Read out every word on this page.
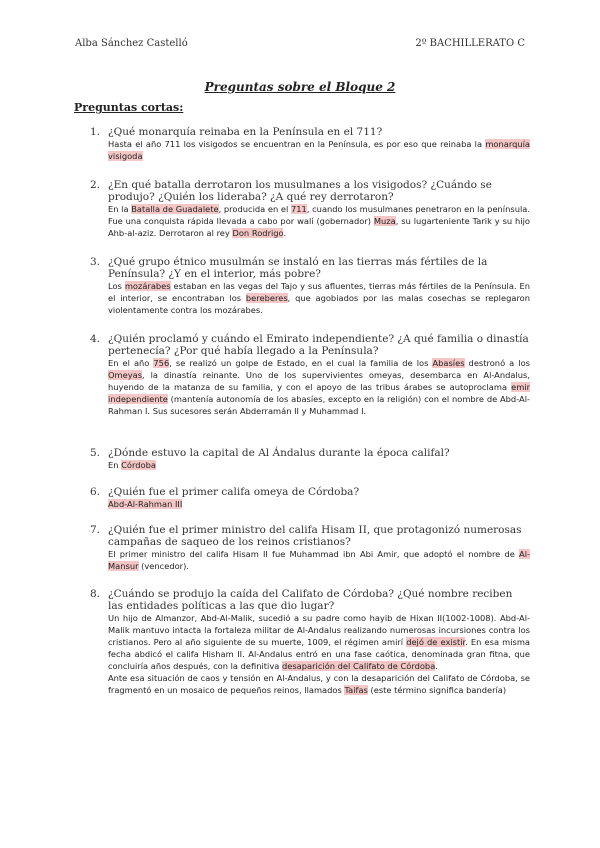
Alba Sánchez Castelló	2º BACHILLERATO C
Preguntas sobre el Bloque 2
Preguntas cortas:
1. ¿Qué monarquía reinaba en la Península en el 711?
Hasta el año 711 los visigodos se encuentran en la Península, es por eso que reinaba la monarquía visigoda
2. ¿En qué batalla derrotaron los musulmanes a los visigodos? ¿Cuándo se produjo? ¿Quién los lideraba? ¿A qué rey derrotaron?
En la Batalla de Guadalete, producida en el 711, cuando los musulmanes penetraron en la península. Fue una conquista rápida llevada a cabo por walí (gobernador) Muza, su lugarteniente Tarik y su hijo Ahb-al-aziz. Derrotaron al rey Don Rodrigo.
3. ¿Qué grupo étnico musulmán se instaló en las tierras más fértiles de la Península? ¿Y en el interior, más pobre?
Los mozárabes estaban en las vegas del Tajo y sus afluentes, tierras más fértiles de la Península. En el interior, se encontraban los bereberes, que agobiados por las malas cosechas se replegaron violentamente contra los mozárabes.
4. ¿Quién proclamó y cuándo el Emirato independiente? ¿A qué familia o dinastía pertenecía? ¿Por qué había llegado a la Península?
En el año 756, se realizó un golpe de Estado, en el cual la familia de los Abasíes destronó a los Omeyas, la dinastía reinante. Uno de los supervivientes omeyas, desembarca en Al-Andalus, huyendo de la matanza de su familia, y con el apoyo de las tribus árabes se autoproclama emir independiente (mantenía autonomía de los abasíes, excepto en la religión) con el nombre de Abd-Al-Rahman I. Sus sucesores serán Abderramán II y Muhammad I.
5. ¿Dónde estuvo la capital de Al Ándalus durante la época califal?
En Córdoba
6. ¿Quién fue el primer califa omeya de Córdoba?
Abd-Al-Rahman III
7. ¿Quién fue el primer ministro del califa Hisam II, que protagonizó numerosas campañas de saqueo de los reinos cristianos?
El primer ministro del califa Hisam II fue Muhammad ibn Abi Amir, que adoptó el nombre de Al-Mansur (vencedor).
8. ¿Cuándo se produjo la caída del Califato de Córdoba? ¿Qué nombre reciben las entidades políticas a las que dio lugar?
Un hijo de Almanzor, Abd-Al-Malik, sucedió a su padre como hayib de Hixan II(1002-1008). Abd-Al-Malik mantuvo intacta la fortaleza militar de Al-Andalus realizando numerosas incursiones contra los cristianos. Pero al año siguiente de su muerte, 1009, el régimen amirí dejó de existir. En esa misma fecha abdicó el califa Hisham II. Al-Andalus entró en una fase caótica, denominada gran fitna, que concluiría años después, con la definitiva desaparición del Califato de Córdoba.
Ante esa situación de caos y tensión en Al-Andalus, y con la desaparición del Califato de Córdoba, se fragmentó en un mosaico de pequeños reinos, llamados Taifas (este término significa bandería)
